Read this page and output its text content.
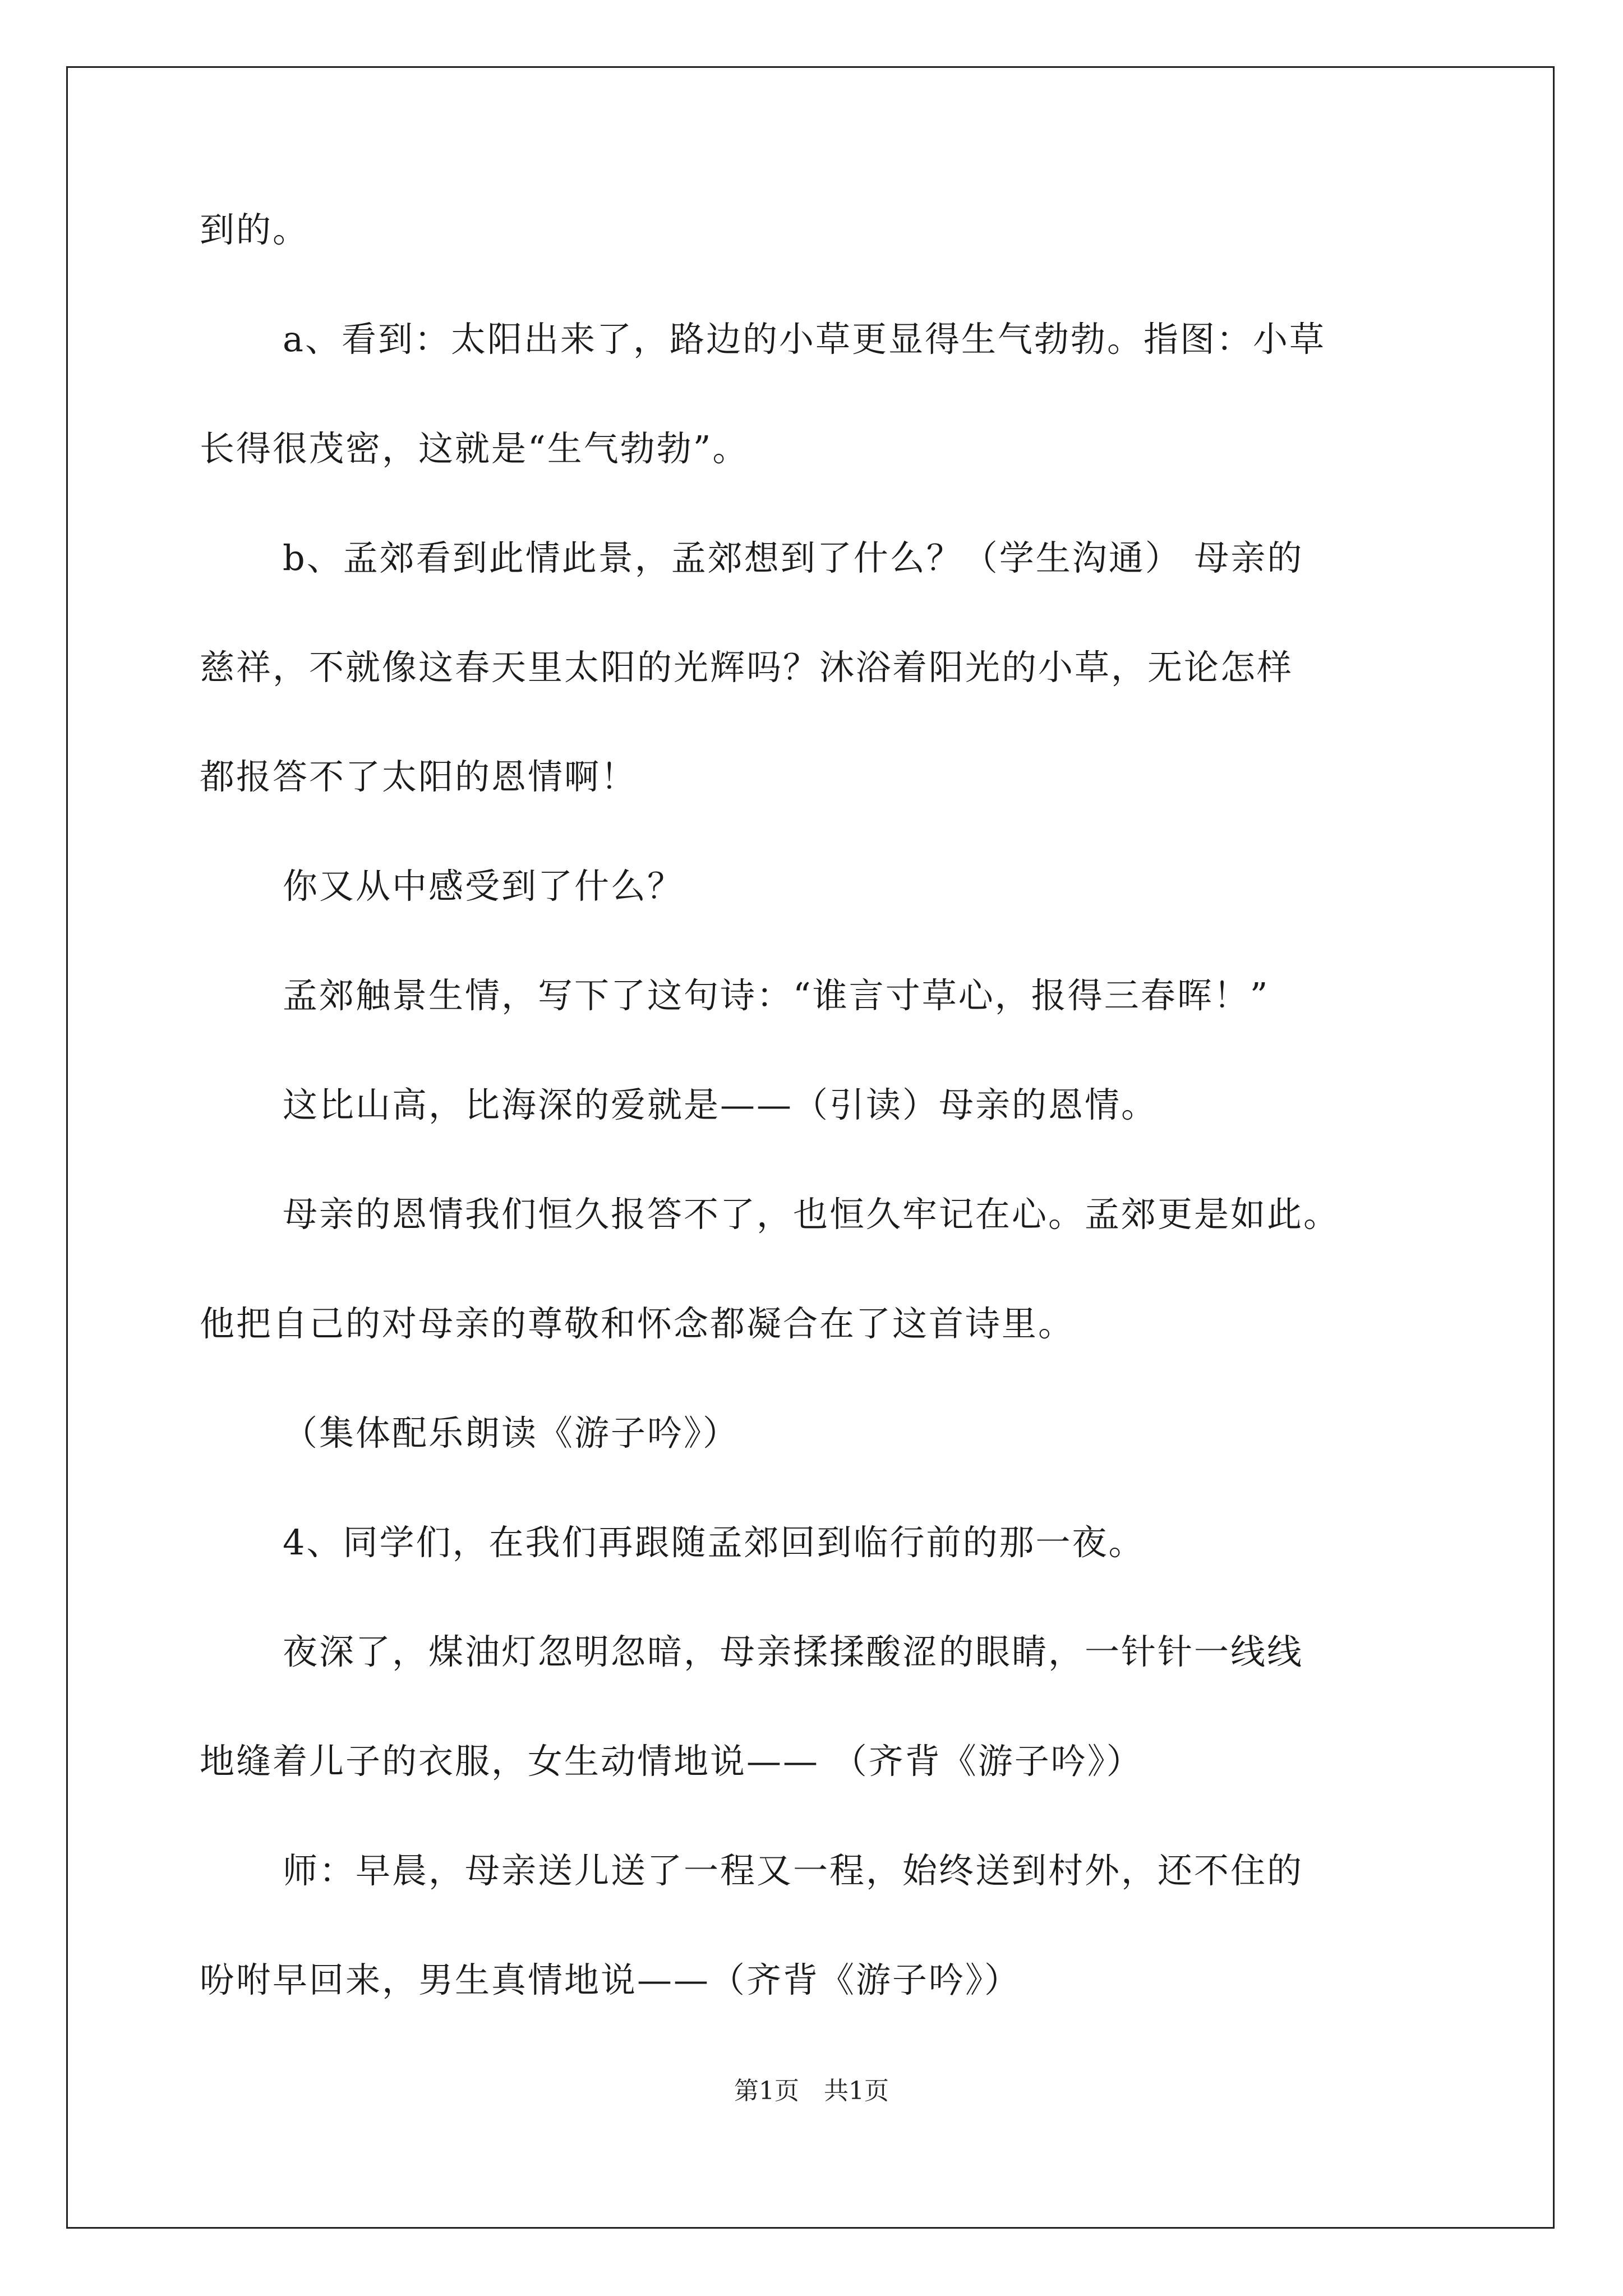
到的。
a、看到：太阳出来了，路边的小草更显得生气勃勃。指图：小草
长得很茂密，这就是“生气勃勃”。
b、孟郊看到此情此景，孟郊想到了什么？（学生沟通） 母亲的
慈祥，不就像这春天里太阳的光辉吗？沐浴着阳光的小草，无论怎样
都报答不了太阳的恩情啊！
你又从中感受到了什么？
孟郊触景生情，写下了这句诗：“谁言寸草心，报得三春晖！”
这比山高，比海深的爱就是——（引读）母亲的恩情。
母亲的恩情我们恒久报答不了，也恒久牢记在心。孟郊更是如此。
他把自己的对母亲的尊敬和怀念都凝合在了这首诗里。
（集体配乐朗读《游子吟》）
4、同学们，在我们再跟随孟郊回到临行前的那一夜。
夜深了，煤油灯忽明忽暗，母亲揉揉酸涩的眼睛，一针针一线线
地缝着儿子的衣服，女生动情地说—— （齐背《游子吟》）
师：早晨，母亲送儿送了一程又一程，始终送到村外，还不住的
吩咐早回来，男生真情地说——（齐背《游子吟》）
第1页　共1页
